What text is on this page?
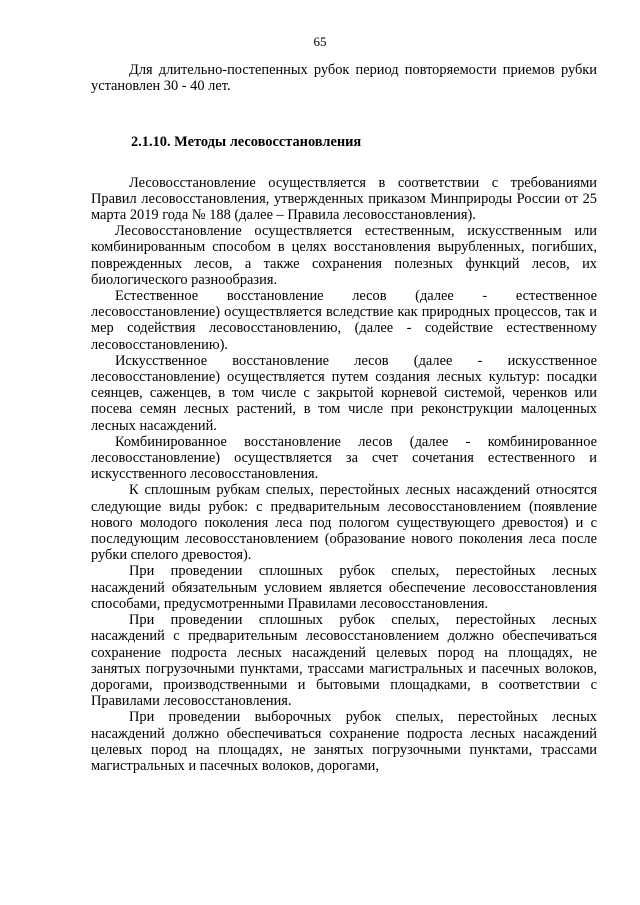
65

Для длительно-постепенных рубок период повторяемости приемов рубки установлен 30 - 40 лет.

2.1.10. Методы лесовосстановления

Лесовосстановление осуществляется в соответствии с требованиями Правил лесовосстановления, утвержденных приказом Минприроды России от 25 марта 2019 года № 188 (далее – Правила лесовосстановления).

Лесовосстановление осуществляется естественным, искусственным или комбинированным способом в целях восстановления вырубленных, погибших, поврежденных лесов, а также сохранения полезных функций лесов, их биологического разнообразия.

Естественное восстановление лесов (далее - естественное лесовосстановление) осуществляется вследствие как природных процессов, так и мер содействия лесовосстановлению, (далее - содействие естественному лесовосстановлению).

Искусственное восстановление лесов (далее - искусственное лесовосстановление) осуществляется путем создания лесных культур: посадки сеянцев, саженцев, в том числе с закрытой корневой системой, черенков или посева семян лесных растений, в том числе при реконструкции малоценных лесных насаждений.

Комбинированное восстановление лесов (далее - комбинированное лесовосстановление) осуществляется за счет сочетания естественного и искусственного лесовосстановления.

К сплошным рубкам спелых, перестойных лесных насаждений относятся следующие виды рубок: с предварительным лесовосстановлением (появление нового молодого поколения леса под пологом существующего древостоя) и с последующим лесовосстановлением (образование нового поколения леса после рубки спелого древостоя).

При проведении сплошных рубок спелых, перестойных лесных насаждений обязательным условием является обеспечение лесовосстановления способами, предусмотренными Правилами лесовосстановления.

При проведении сплошных рубок спелых, перестойных лесных насаждений с предварительным лесовосстановлением должно обеспечиваться сохранение подроста лесных насаждений целевых пород на площадях, не занятых погрузочными пунктами, трассами магистральных и пасечных волоков, дорогами, производственными и бытовыми площадками, в соответствии с Правилами лесовосстановления.

При проведении выборочных рубок спелых, перестойных лесных насаждений должно обеспечиваться сохранение подроста лесных насаждений целевых пород на площадях, не занятых погрузочными пунктами, трассами магистральных и пасечных волоков, дорогами,
